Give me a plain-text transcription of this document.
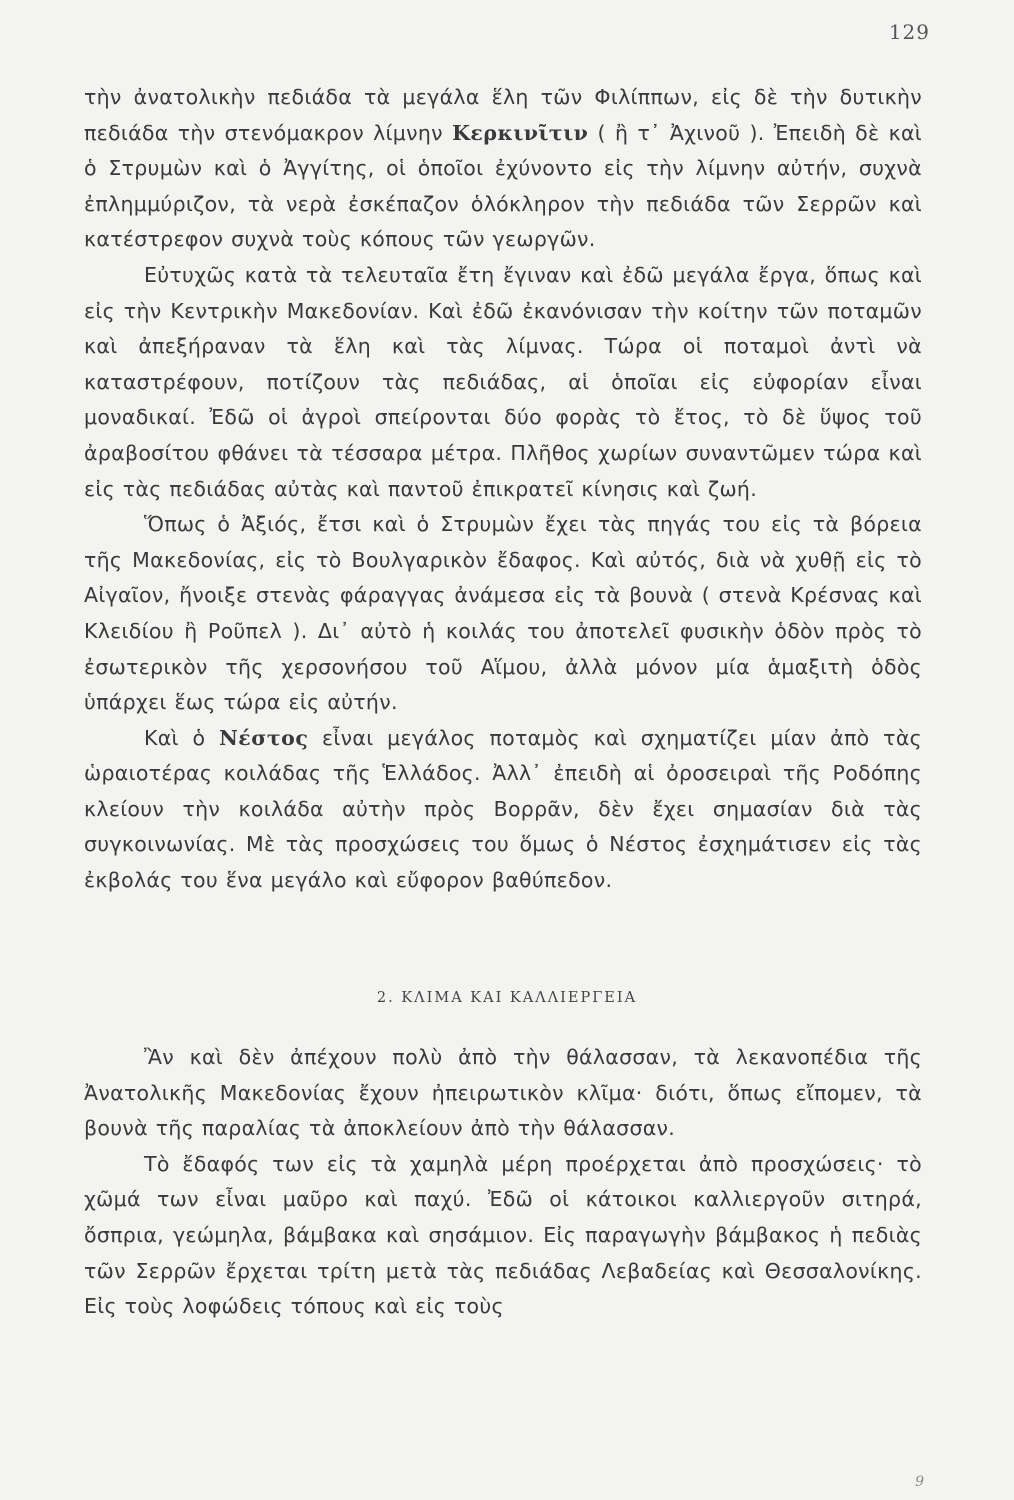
129

τὴν ἀνατολικὴν πεδιάδα τὰ μεγάλα ἕλη τῶν Φιλίππων, εἰς δὲ τὴν δυτικὴν πεδιάδα τὴν στενόμακρον λίμνην Κερκινῖτιν ( ἢ τ᾿ Ἀχινοῦ ). Ἐπειδὴ δὲ καὶ ὁ Στρυμὼν καὶ ὁ Ἀγγίτης, οἱ ὁποῖοι ἐχύνοντο εἰς τὴν λίμνην αὐτήν, συχνὰ ἐπλημμύριζον, τὰ νερὰ ἐσκέπαζον ὁλόκληρον τὴν πεδιάδα τῶν Σερρῶν καὶ κατέστρεφον συχνὰ τοὺς κόπους τῶν γεωργῶν.

Εὐτυχῶς κατὰ τὰ τελευταῖα ἔτη ἔγιναν καὶ ἐδῶ μεγάλα ἔργα, ὅπως καὶ εἰς τὴν Κεντρικὴν Μακεδονίαν. Καὶ ἐδῶ ἐκανόνισαν τὴν κοίτην τῶν ποταμῶν καὶ ἀπεξήραναν τὰ ἕλη καὶ τὰς λίμνας. Τώρα οἱ ποταμοὶ ἀντὶ νὰ καταστρέφουν, ποτίζουν τὰς πεδιάδας, αἱ ὁποῖαι εἰς εὐφορίαν εἶναι μοναδικαί. Ἐδῶ οἱ ἀγροὶ σπείρονται δύο φορὰς τὸ ἔτος, τὸ δὲ ὕψος τοῦ ἀραβοσίτου φθάνει τὰ τέσσαρα μέτρα. Πλῆθος χωρίων συναντῶμεν τώρα καὶ εἰς τὰς πεδιάδας αὐτὰς καὶ παντοῦ ἐπικρατεῖ κίνησις καὶ ζωή.

Ὅπως ὁ Ἀξιός, ἔτσι καὶ ὁ Στρυμὼν ἔχει τὰς πηγάς του εἰς τὰ βόρεια τῆς Μακεδονίας, εἰς τὸ Βουλγαρικὸν ἔδαφος. Καὶ αὐτός, διὰ νὰ χυθῇ εἰς τὸ Αἰγαῖον, ἤνοιξε στενὰς φάραγγας ἀνάμεσα εἰς τὰ βουνὰ ( στενὰ Κρέσνας καὶ Κλειδίου ἢ Ροῦπελ ). Δι᾿ αὐτὸ ἡ κοιλάς του ἀποτελεῖ φυσικὴν ὁδὸν πρὸς τὸ ἐσωτερικὸν τῆς χερσονήσου τοῦ Αἵμου, ἀλλὰ μόνον μία ἁμαξιτὴ ὁδὸς ὑπάρχει ἕως τώρα εἰς αὐτήν.

Καὶ ὁ Νέστος εἶναι μεγάλος ποταμὸς καὶ σχηματίζει μίαν ἀπὸ τὰς ὡραιοτέρας κοιλάδας τῆς Ἑλλάδος. Ἀλλ᾿ ἐπειδὴ αἱ ὀροσειραὶ τῆς Ροδόπης κλείουν τὴν κοιλάδα αὐτὴν πρὸς Βορρᾶν, δὲν ἔχει σημασίαν διὰ τὰς συγκοινωνίας. Μὲ τὰς προσχώσεις του ὅμως ὁ Νέστος ἐσχημάτισεν εἰς τὰς ἐκβολάς του ἕνα μεγάλο καὶ εὔφορον βαθύπεδον.

2. ΚΛΙΜΑ ΚΑΙ ΚΑΛΛΙΕΡΓΕΙΑ

Ἂν καὶ δὲν ἀπέχουν πολὺ ἀπὸ τὴν θάλασσαν, τὰ λεκανοπέδια τῆς Ἀνατολικῆς Μακεδονίας ἔχουν ἠπειρωτικὸν κλῖμα· διότι, ὅπως εἴπομεν, τὰ βουνὰ τῆς παραλίας τὰ ἀποκλείουν ἀπὸ τὴν θάλασσαν.

Τὸ ἔδαφός των εἰς τὰ χαμηλὰ μέρη προέρχεται ἀπὸ προσχώσεις· τὸ χῶμά των εἶναι μαῦρο καὶ παχύ. Ἐδῶ οἱ κάτοικοι καλλιεργοῦν σιτηρά, ὄσπρια, γεώμηλα, βάμβακα καὶ σησάμιον. Εἰς παραγωγὴν βάμβακος ἡ πεδιὰς τῶν Σερρῶν ἔρχεται τρίτη μετὰ τὰς πεδιάδας Λεβαδείας καὶ Θεσσαλονίκης. Εἰς τοὺς λοφώδεις τόπους καὶ εἰς τοὺς

9
